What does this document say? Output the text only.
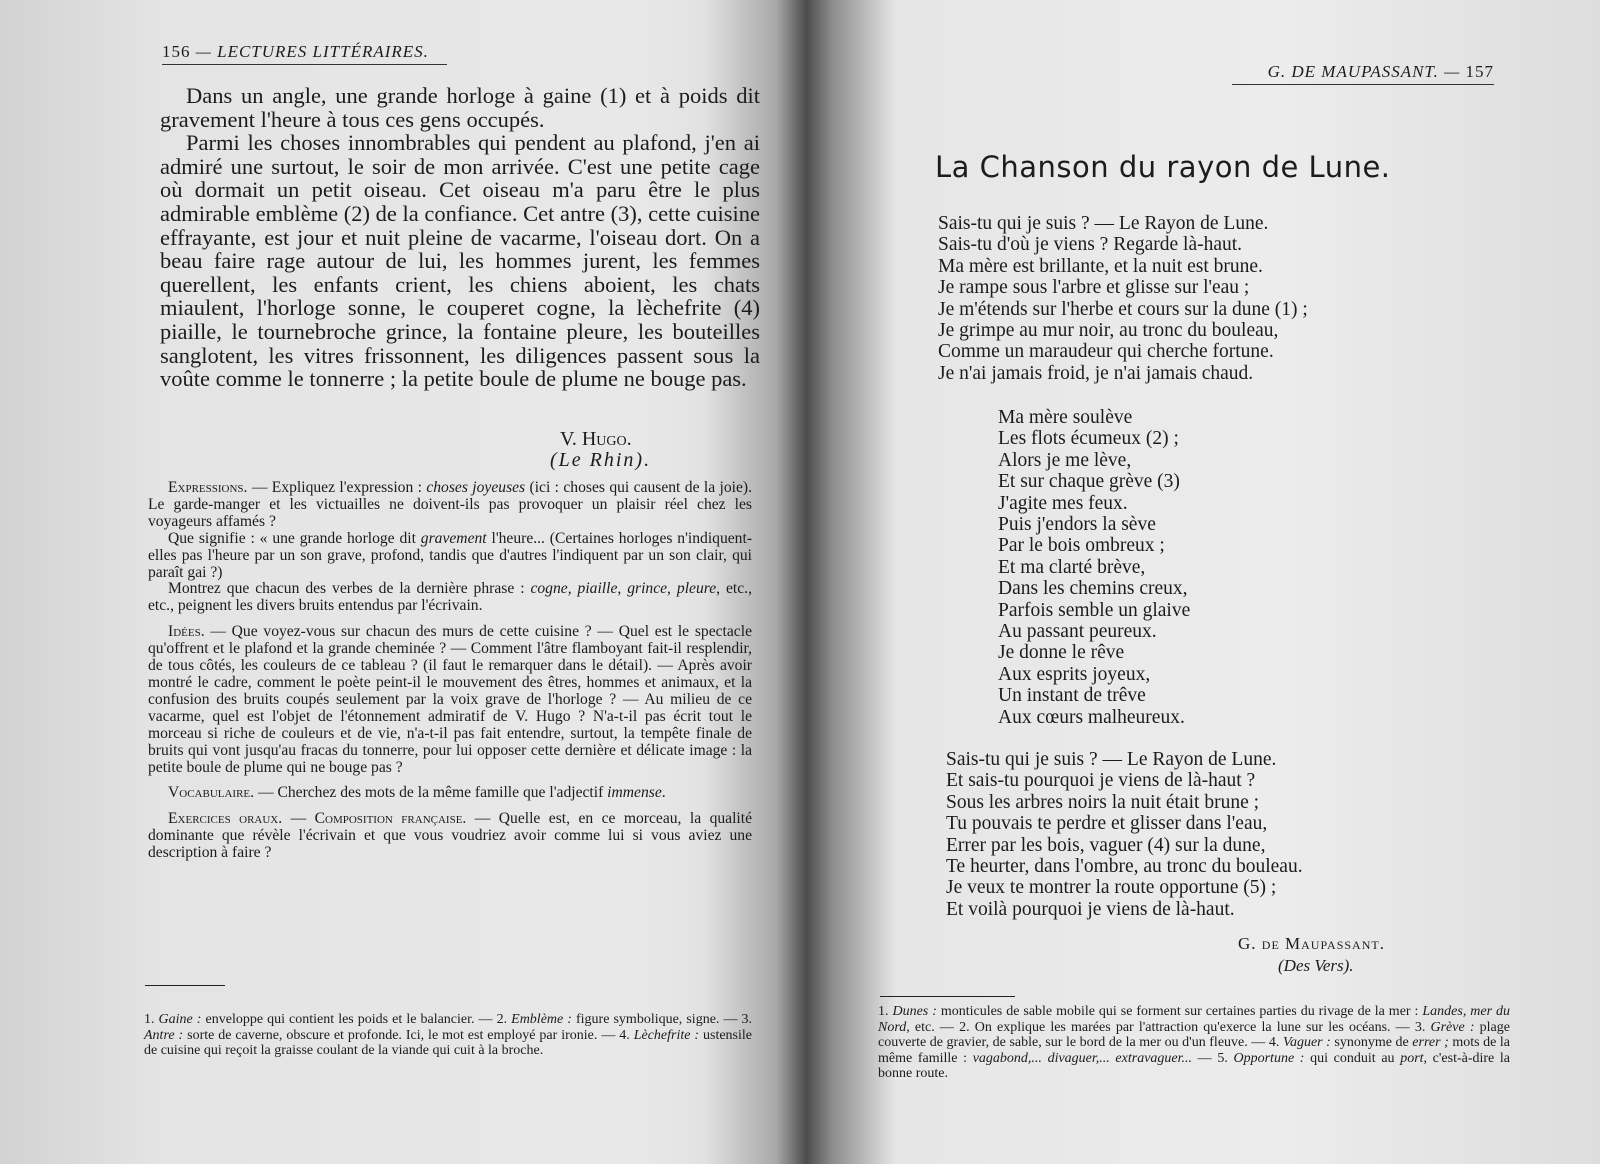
156 — LECTURES LITTÉRAIRES.

Dans un angle, une grande horloge à gaine (1) et à poids dit gravement l'heure à tous ces gens occupés.

Parmi les choses innombrables qui pendent au plafond, j'en ai admiré une surtout, le soir de mon arrivée. C'est une petite cage où dormait un petit oiseau. Cet oiseau m'a paru être le plus admirable emblème (2) de la confiance. Cet antre (3), cette cuisine effrayante, est jour et nuit pleine de vacarme, l'oiseau dort. On a beau faire rage autour de lui, les hommes jurent, les femmes querellent, les enfants crient, les chiens aboient, les chats miaulent, l'horloge sonne, le couperet cogne, la lèchefrite (4) piaille, le tournebroche grince, la fontaine pleure, les bouteilles sanglotent, les vitres frissonnent, les diligences passent sous la voûte comme le tonnerre ; la petite boule de plume ne bouge pas.

V. Hugo.
(Le Rhin).

Expressions. — Expliquez l'expression : choses joyeuses (ici : choses qui causent de la joie). Le garde-manger et les victuailles ne doivent-ils pas provoquer un plaisir réel chez les voyageurs affamés ?

Que signifie : « une grande horloge dit gravement l'heure... (Certaines horloges n'indiquent-elles pas l'heure par un son grave, profond, tandis que d'autres l'indiquent par un son clair, qui paraît gai ?)

Montrez que chacun des verbes de la dernière phrase : cogne, piaille, grince, pleure, etc., etc., peignent les divers bruits entendus par l'écrivain.

Idées. — Que voyez-vous sur chacun des murs de cette cuisine ? — Quel est le spectacle qu'offrent et le plafond et la grande cheminée ? — Comment l'âtre flamboyant fait-il resplendir, de tous côtés, les couleurs de ce tableau ? (il faut le remarquer dans le détail). — Après avoir montré le cadre, comment le poète peint-il le mouvement des êtres, hommes et animaux, et la confusion des bruits coupés seulement par la voix grave de l'horloge ? — Au milieu de ce vacarme, quel est l'objet de l'étonnement admiratif de V. Hugo ? N'a-t-il pas écrit tout le morceau si riche de couleurs et de vie, n'a-t-il pas fait entendre, surtout, la tempête finale de bruits qui vont jusqu'au fracas du tonnerre, pour lui opposer cette dernière et délicate image : la petite boule de plume qui ne bouge pas ?

Vocabulaire. — Cherchez des mots de la même famille que l'adjectif immense.

Exercices oraux. — Composition française. — Quelle est, en ce morceau, la qualité dominante que révèle l'écrivain et que vous voudriez avoir comme lui si vous aviez une description à faire ?

1. Gaine : enveloppe qui contient les poids et le balancier. — 2. Emblème : figure symbolique, signe. — 3. Antre : sorte de caverne, obscure et profonde. Ici, le mot est employé par ironie. — 4. Lèchefrite : ustensile de cuisine qui reçoit la graisse coulant de la viande qui cuit à la broche.
G. DE MAUPASSANT. — 157
La Chanson du rayon de Lune.
Sais-tu qui je suis ? — Le Rayon de Lune.
Sais-tu d'où je viens ? Regarde là-haut.
Ma mère est brillante, et la nuit est brune.
Je rampe sous l'arbre et glisse sur l'eau ;
Je m'étends sur l'herbe et cours sur la dune (1) ;
Je grimpe au mur noir, au tronc du bouleau,
Comme un maraudeur qui cherche fortune.
Je n'ai jamais froid, je n'ai jamais chaud.
Ma mère soulève
Les flots écumeux (2) ;
Alors je me lève,
Et sur chaque grève (3)
J'agite mes feux.
Puis j'endors la sève
Par le bois ombreux ;
Et ma clarté brève,
Dans les chemins creux,
Parfois semble un glaive
Au passant peureux.
Je donne le rêve
Aux esprits joyeux,
Un instant de trêve
Aux cœurs malheureux.
Sais-tu qui je suis ? — Le Rayon de Lune.
Et sais-tu pourquoi je viens de là-haut ?
Sous les arbres noirs la nuit était brune ;
Tu pouvais te perdre et glisser dans l'eau,
Errer par les bois, vaguer (4) sur la dune,
Te heurter, dans l'ombre, au tronc du bouleau.
Je veux te montrer la route opportune (5) ;
Et voilà pourquoi je viens de là-haut.
G. de Maupassant.
(Des Vers).
1. Dunes : monticules de sable mobile qui se forment sur certaines parties du rivage de la mer : Landes, mer du Nord, etc. — 2. On explique les marées par l'attraction qu'exerce la lune sur les océans. — 3. Grève : plage couverte de gravier, de sable, sur le bord de la mer ou d'un fleuve. — 4. Vaguer : synonyme de errer ; mots de la même famille : vagabond,... divaguer,... extravaguer... — 5. Opportune : qui conduit au port, c'est-à-dire la bonne route.
